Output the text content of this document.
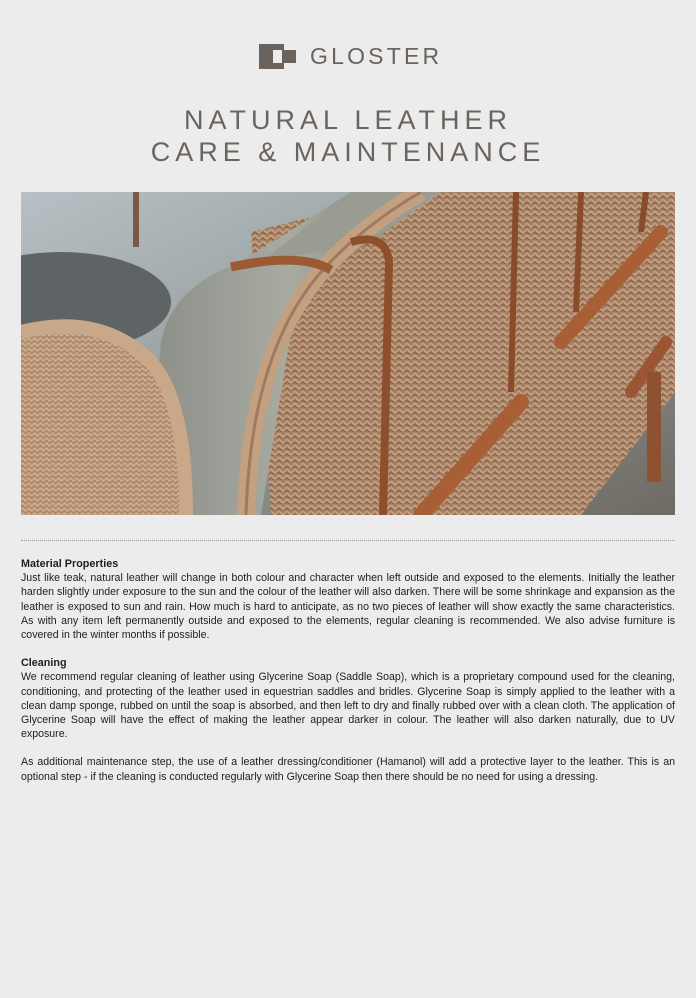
GLOSTER
NATURAL LEATHER
CARE & MAINTENANCE
Material Properties

Just like teak, natural leather will change in both colour and character when left outside and exposed to the elements. Initially the leather harden slightly under exposure to the sun and the colour of the leather will also darken. There will be some shrinkage and expansion as the leather is exposed to sun and rain. How much is hard to anticipate, as no two pieces of leather will show exactly the same characteristics. As with any item left permanently outside and exposed to the elements, regular cleaning is recommended. We also advise furniture is covered in the winter months if possible.

Cleaning

We recommend regular cleaning of leather using Glycerine Soap (Saddle Soap), which is a proprietary compound used for the cleaning, conditioning, and protecting of the leather used in equestrian saddles and bridles. Glycerine Soap is simply applied to the leather with a clean damp sponge, rubbed on until the soap is absorbed, and then left to dry and finally rubbed over with a clean cloth. The application of Glycerine Soap will have the effect of making the leather appear darker in colour. The leather will also darken naturally, due to UV exposure.

As additional maintenance step, the use of a leather dressing/conditioner (Hamanol) will add a protective layer to the leather. This is an optional step - if the cleaning is conducted regularly with Glycerine Soap then there should be no need for using a dressing.
